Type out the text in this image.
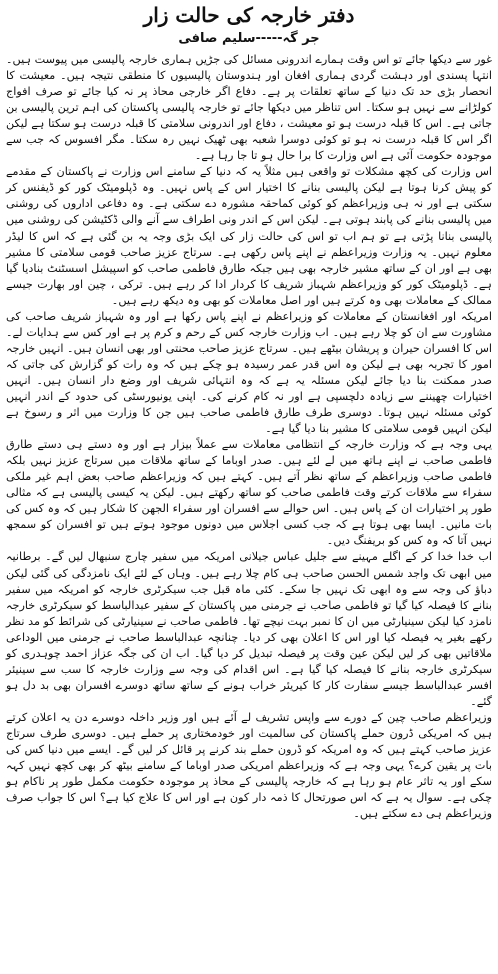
دفتر خارجہ کی حالت زار
جر گہ-----سلیم صافی

غور سے دیکھا جائے تو اس وقت ہمارے اندرونی مسائل کی جڑیں ہماری خارجہ پالیسی میں پیوست ہیں۔ انتہا پسندی اور دہشت گردی ہماری افغان اور ہندوستان پالیسیوں کا منطقی نتیجہ ہیں۔ معیشت کا انحصار بڑی حد تک دنیا کے ساتھ تعلقات پر ہے۔ دفاع اگر خارجی محاذ پر نہ کیا جائے تو صرف افواج کولڑانے سے نہیں ہو سکتا۔ اس تناظر میں دیکھا جائے تو خارجہ پالیسی پاکستان کی اہم ترین پالیسی بن جاتی ہے۔ اس کا قبلہ درست ہو تو معیشت ، دفاع اور اندرونی سلامتی کا قبلہ درست ہو سکتا ہے لیکن اگر اس کا قبلہ درست نہ ہو تو کوئی دوسرا شعبہ بھی ٹھیک نہیں رہ سکتا۔ مگر افسوس کہ جب سے موجودہ حکومت آئی ہے اس وزارت کا برا حال ہو تا جا رہا ہے۔

اس وزارت کی کچھ مشکلات تو واقعی ہیں مثلاً یہ کہ دنیا کے سامنے اس وزارت نے پاکستان کے مقدمے کو پیش کرنا ہوتا ہے لیکن پالیسی بنانے کا اختیار اس کے پاس نہیں۔ وہ ڈپلومیٹک کور کو ڈیفنس کر سکتی ہے اور نہ ہی وزیراعظم کو کوئی کماحقہ مشورہ دے سکتی ہے۔ وہ دفاعی اداروں کی روشنی میں پالیسی بنانے کی پابند ہوتی ہے۔ لیکن اس کے اندر ونی اطراف سے آنے والی ڈکٹیشن کی روشنی میں پالیسی بنانا پڑتی ہے تو ہم اب تو اس کی حالت زار کی ایک بڑی وجہ یہ بن گئی ہے کہ اس کا لیڈر معلوم نہیں۔ یہ وزارت وزیراعظم نے اپنے پاس رکھی ہے۔ سرتاج عزیز صاحب قومی سلامتی کا مشیر بھی ہے اور ان کے ساتھ مشیر خارجہ بھی ہیں جبکہ طارق فاطمی صاحب کو اسپیشل اسسٹنٹ بنادیا گیا ہے۔ ڈپلومیٹک کور کو وزیراعظم شہباز شریف کا کردار ادا کر رہے ہیں۔ ترکی ، چین اور بھارت جیسے ممالک کے معاملات بھی وہ کرتے ہیں اور اصل معاملات کو بھی وہ دیکھ رہے ہیں۔

امریکہ اور افغانستان کے معاملات کو وزیراعظم نے اپنے پاس رکھا ہے اور وہ شہباز شریف صاحب کی مشاورت سے ان کو چلا رہے ہیں۔ اب وزارت خارجہ کس کے رحم و کرم پر ہے اور کس سے ہدایات لے۔ اس کا افسران حیران و پریشان بیٹھے ہیں۔ سرتاج عزیز صاحب محنتی اور بھی انسان ہیں۔ انہیں خارجہ امور کا تجربہ بھی ہے لیکن وہ اس قدر عمر رسیدہ ہو چکے ہیں کہ وہ رات کو گزارش کی جاتی کہ صدر ممکنت بنا دیا جائے لیکن مسئلہ یہ ہے کہ وہ انتہائی شریف اور وضع دار انسان ہیں۔ انہیں اختیارات چھیننے سے زیادہ دلچسپی ہے اور نہ کام کرنے کی۔ اپنی یونیورسٹی کی حدود کے اندر انہیں کوئی مسئلہ نہیں ہوتا۔ دوسری طرف طارق فاطمی صاحب ہیں جن کا وزارت میں اثر و رسوخ ہے لیکن انہیں قومی سلامتی کا مشیر بنا دیا گیا ہے۔

یہی وجہ ہے کہ وزارت خارجہ کے انتظامی معاملات سے عملاً بیزار ہے اور وہ دستے ہی دستے طارق فاطمی صاحب نے اپنے ہاتھ میں لے لئے ہیں۔ صدر اوباما کے ساتھ ملاقات میں سرتاج عزیز نہیں بلکہ فاطمی صاحب وزیراعظم کے ساتھ نظر آتے ہیں۔ کہتے ہیں کہ وزیراعظم صاحب بعض اہم غیر ملکی سفراء سے ملاقات کرتے وقت فاطمی صاحب کو ساتھ رکھتے ہیں۔ لیکن یہ کیسی پالیسی ہے کہ مثالی طور پر اختیارات ان کے پاس ہیں۔ اس حوالے سے افسران اور سفراء الجھن کا شکار ہیں کہ وہ کس کی بات مانیں۔ ایسا بھی ہوتا ہے کہ جب کسی اجلاس میں دونوں موجود ہوتے ہیں تو افسران کو سمجھ نہیں آتا کہ وہ کس کو بریفنگ دیں۔

اب خدا خدا کر کے اگلے مہینے سے جلیل عباس جیلانی امریکہ میں سفیر چارج سنبھال لیں گے۔ برطانیہ میں ابھی تک واجد شمس الحسن صاحب ہی کام چلا رہے ہیں۔ وہاں کے لئے ایک نامزدگی کی گئی لیکن دباؤ کی وجہ سے وہ ابھی تک نہیں جا سکے۔ کئی ماہ قبل جب سیکرٹری خارجہ کو امریکہ میں سفیر بنانے کا فیصلہ کیا گیا تو فاطمی صاحب نے جرمنی میں پاکستان کے سفیر عبدالباسط کو سیکرٹری خارجہ نامزد کیا لیکن سینیارٹی میں ان کا نمبر بہت نیچے تھا۔ فاطمی صاحب نے سینیارٹی کی شرائط کو مد نظر رکھے بغیر یہ فیصلہ کیا اور اس کا اعلان بھی کر دیا۔ چنانچہ عبدالباسط صاحب نے جرمنی میں الوداعی ملاقاتیں بھی کر لیں لیکن عین وقت پر فیصلہ تبدیل کر دیا گیا۔ اب ان کی جگہ عزاز احمد چوہدری کو سیکرٹری خارجہ بنانے کا فیصلہ کیا گیا ہے۔ اس اقدام کی وجہ سے وزارت خارجہ کا سب سے سینیئر افسر عبدالباسط جیسے سفارت کار کا کیریئر خراب ہونے کے ساتھ ساتھ دوسرے افسران بھی بد دل ہو گئے۔

وزیراعظم صاحب چین کے دورے سے واپس تشریف لے آئے ہیں اور وزیر داخلہ دوسرے دن یہ اعلان کرتے ہیں کہ امریکی ڈرون حملے پاکستان کی سالمیت اور خودمختاری پر حملے ہیں۔ دوسری طرف سرتاج عزیز صاحب کہتے ہیں کہ وہ امریکہ کو ڈرون حملے بند کرنے پر قائل کر لیں گے۔ ایسے میں دنیا کس کی بات پر یقین کرے؟ یہی وجہ ہے کہ وزیراعظم امریکی صدر اوباما کے سامنے بیٹھ کر بھی کچھ نہیں کہہ سکے اور یہ تاثر عام ہو رہا ہے کہ خارجہ پالیسی کے محاذ پر موجودہ حکومت مکمل طور پر ناکام ہو چکی ہے۔ سوال یہ ہے کہ اس صورتحال کا ذمہ دار کون ہے اور اس کا علاج کیا ہے؟ اس کا جواب صرف وزیراعظم ہی دے سکتے ہیں۔
